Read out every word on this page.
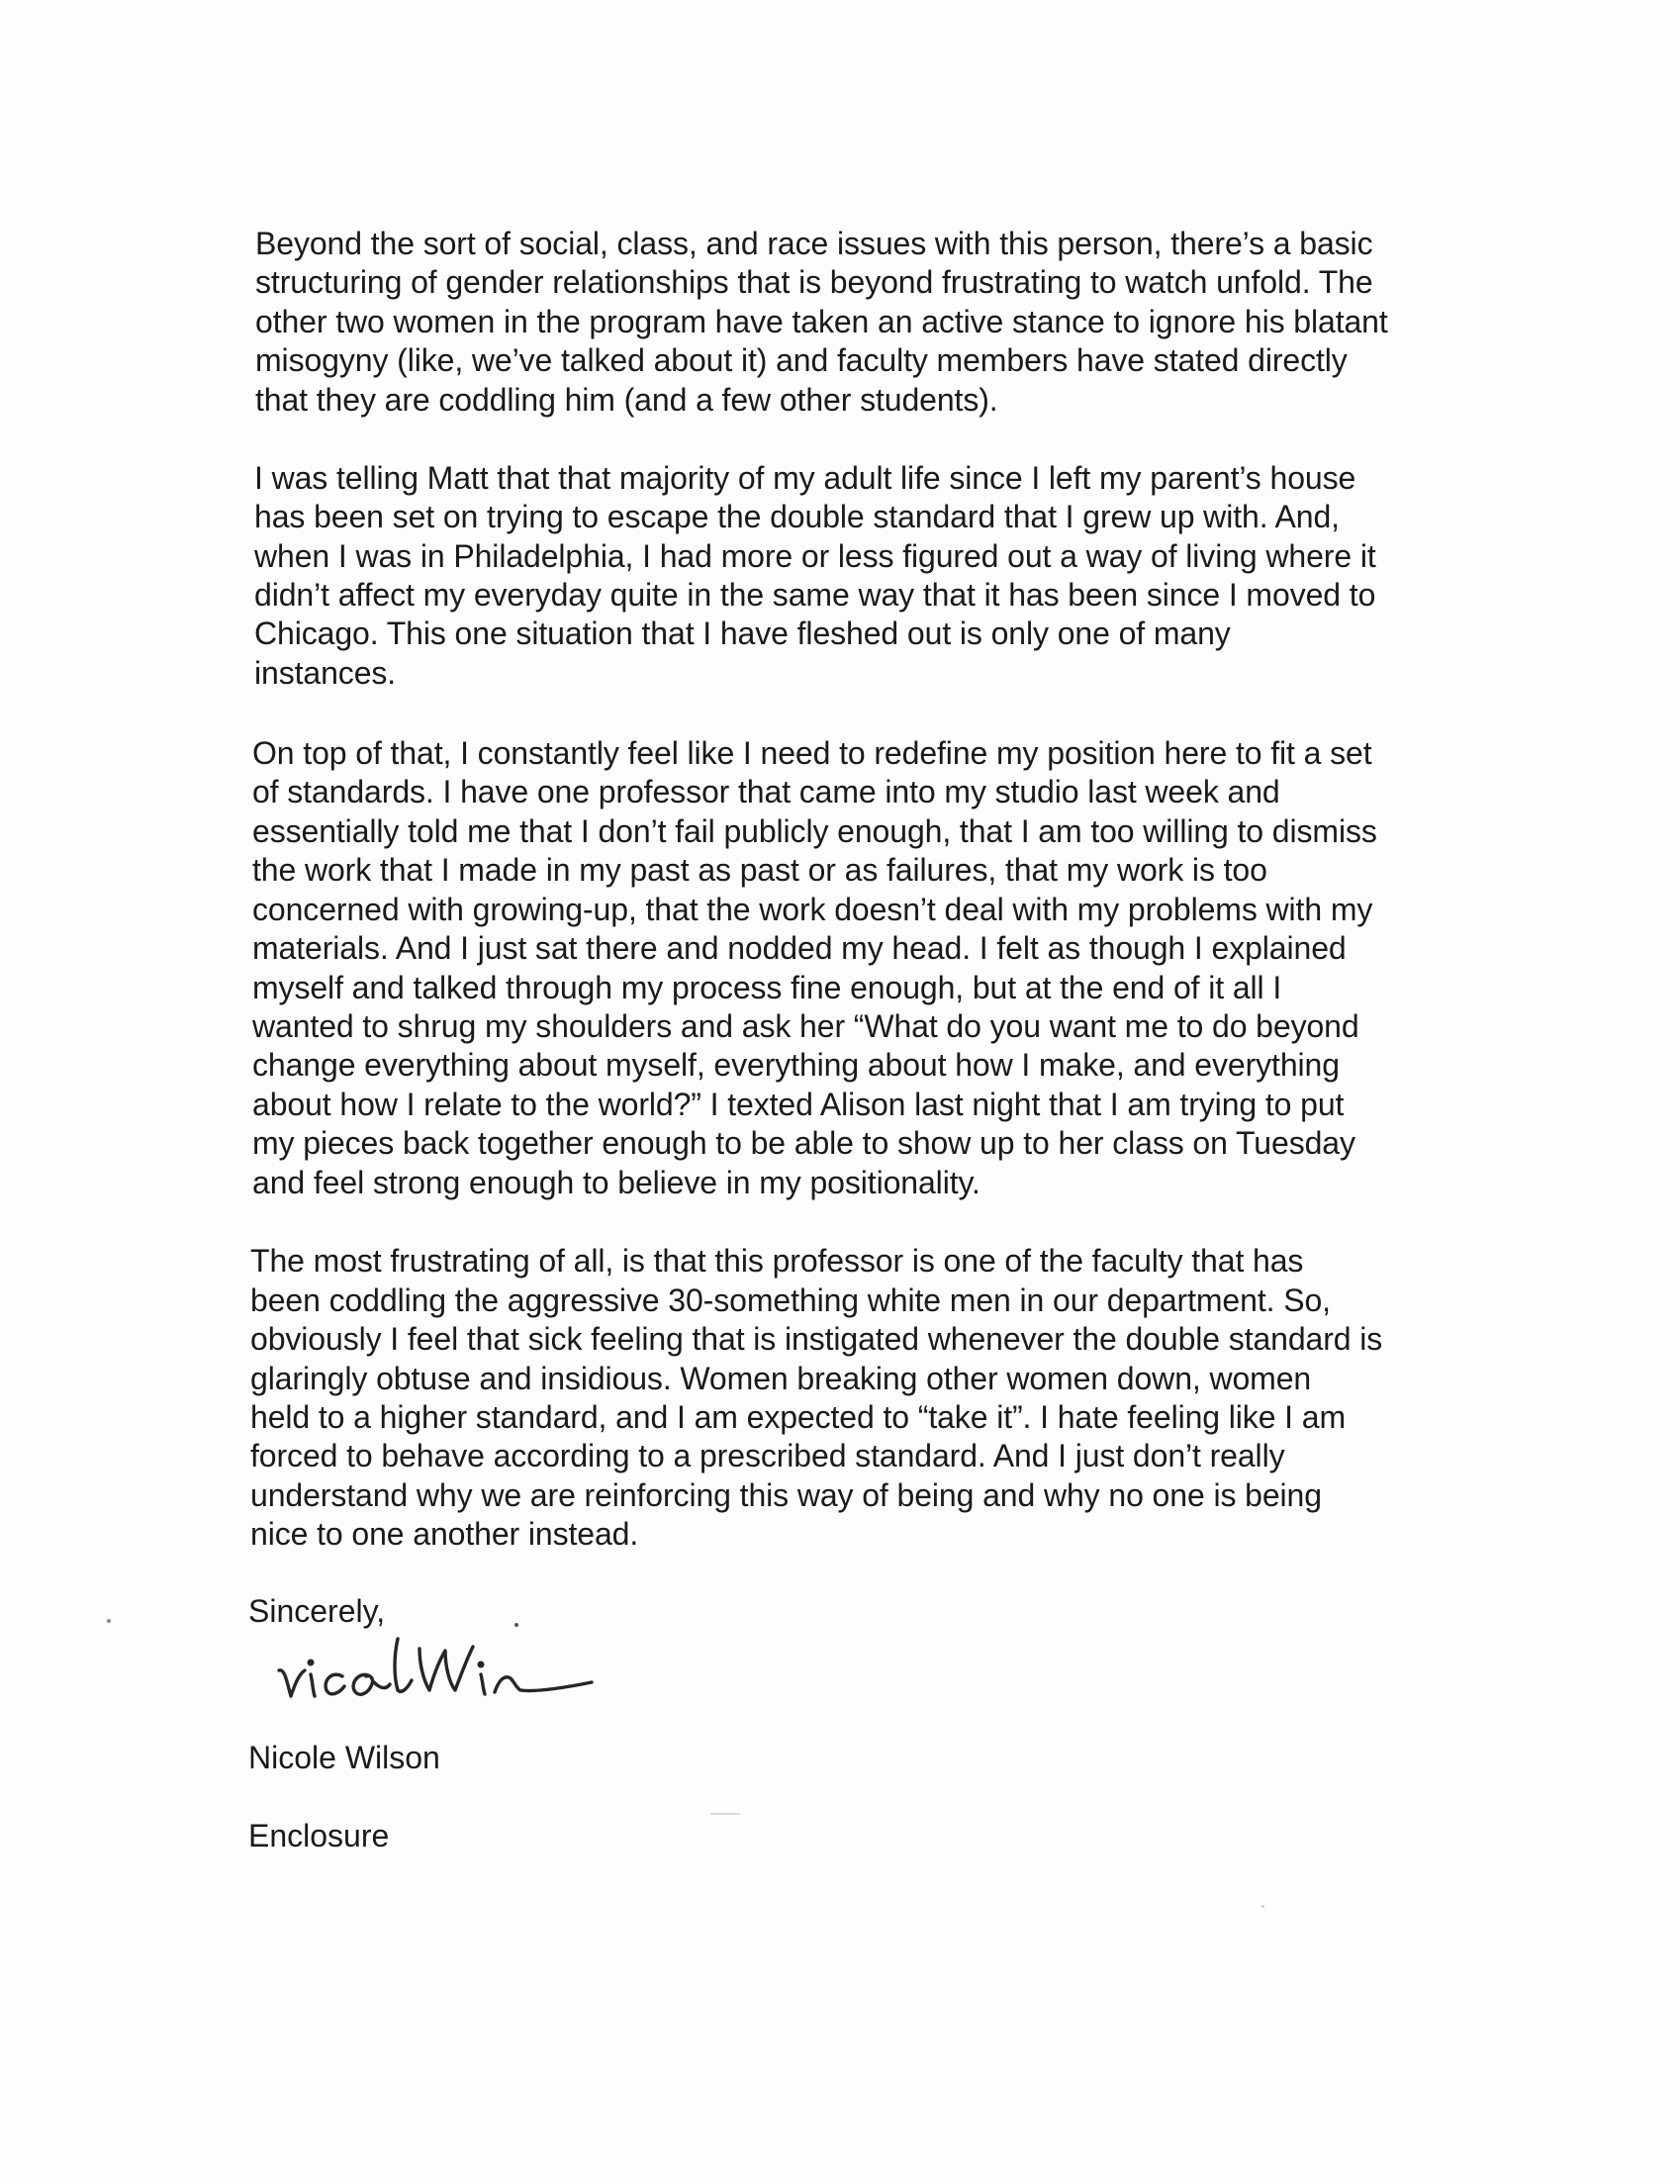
Beyond the sort of social, class, and race issues with this person, there’s a basic
structuring of gender relationships that is beyond frustrating to watch unfold. The
other two women in the program have taken an active stance to ignore his blatant
misogyny (like, we’ve talked about it) and faculty members have stated directly
that they are coddling him (and a few other students).
I was telling Matt that that majority of my adult life since I left my parent’s house
has been set on trying to escape the double standard that I grew up with. And,
when I was in Philadelphia, I had more or less figured out a way of living where it
didn’t affect my everyday quite in the same way that it has been since I moved to
Chicago. This one situation that I have fleshed out is only one of many
instances.
On top of that, I constantly feel like I need to redefine my position here to fit a set
of standards. I have one professor that came into my studio last week and
essentially told me that I don’t fail publicly enough, that I am too willing to dismiss
the work that I made in my past as past or as failures, that my work is too
concerned with growing-up, that the work doesn’t deal with my problems with my
materials. And I just sat there and nodded my head. I felt as though I explained
myself and talked through my process fine enough, but at the end of it all I
wanted to shrug my shoulders and ask her “What do you want me to do beyond
change everything about myself, everything about how I make, and everything
about how I relate to the world?” I texted Alison last night that I am trying to put
my pieces back together enough to be able to show up to her class on Tuesday
and feel strong enough to believe in my positionality.
The most frustrating of all, is that this professor is one of the faculty that has
been coddling the aggressive 30-something white men in our department. So,
obviously I feel that sick feeling that is instigated whenever the double standard is
glaringly obtuse and insidious. Women breaking other women down, women
held to a higher standard, and I am expected to “take it”. I hate feeling like I am
forced to behave according to a prescribed standard. And I just don’t really
understand why we are reinforcing this way of being and why no one is being
nice to one another instead.
Sincerely,
Nicole Wilson
Enclosure
